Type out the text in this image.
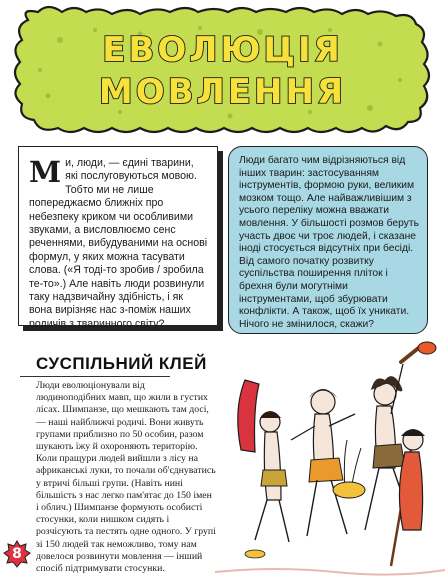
ЕВОЛЮЦІЯ
МОВЛЕННЯ

Ми, люди, — єдині тварини, які послуговуються мовою. Тобто ми не лише попереджаємо ближніх про небезпеку криком чи особливими звуками, а висловлюємо сенс реченнями, вибудуваними на основі формул, у яких можна тасувати слова. («Я тоді-то зробив / зробила те-то».) Але навіть люди розвинули таку надзвичайну здібність, і як вона вирізняє нас з-поміж наших родичів з тваринного світу?

Люди багато чим відрізняються від інших тварин: застосуванням інструментів, формою руки, великим мозком тощо. Але найважливішим з усього переліку можна вважати мовлення. У більшості розмов беруть участь двоє чи троє людей, і сказане іноді стосується відсутніх при бесіді. Від самого початку розвитку суспільства поширення пліток і брехня були могутніми інструментами, щоб збурювати конфлікти. А також, щоб їх уникати. Нічого не змінилося, скажи?

СУСПІЛЬНИЙ КЛЕЙ

Люди еволюціонували від людиноподібних мавп, що жили в густих лісах. Шимпанзе, що мешкають там досі, — наші найближчі родичі. Вони живуть групами приблизно по 50 особин, разом шукають їжу й охороняють територію. Коли пращури людей вийшли з лісу на африканські луки, то почали об'єднуватись у втричі більші групи. (Навіть нині більшість з нас легко пам'ятає до 150 імен і облич.) Шимпанзе формують особисті стосунки, коли нишком сидять і розчісують та пестять одне одного. У групі зі 150 людей так неможливо, тому нам довелося розвинути мовлення — інший спосіб підтримувати стосунки.

8
